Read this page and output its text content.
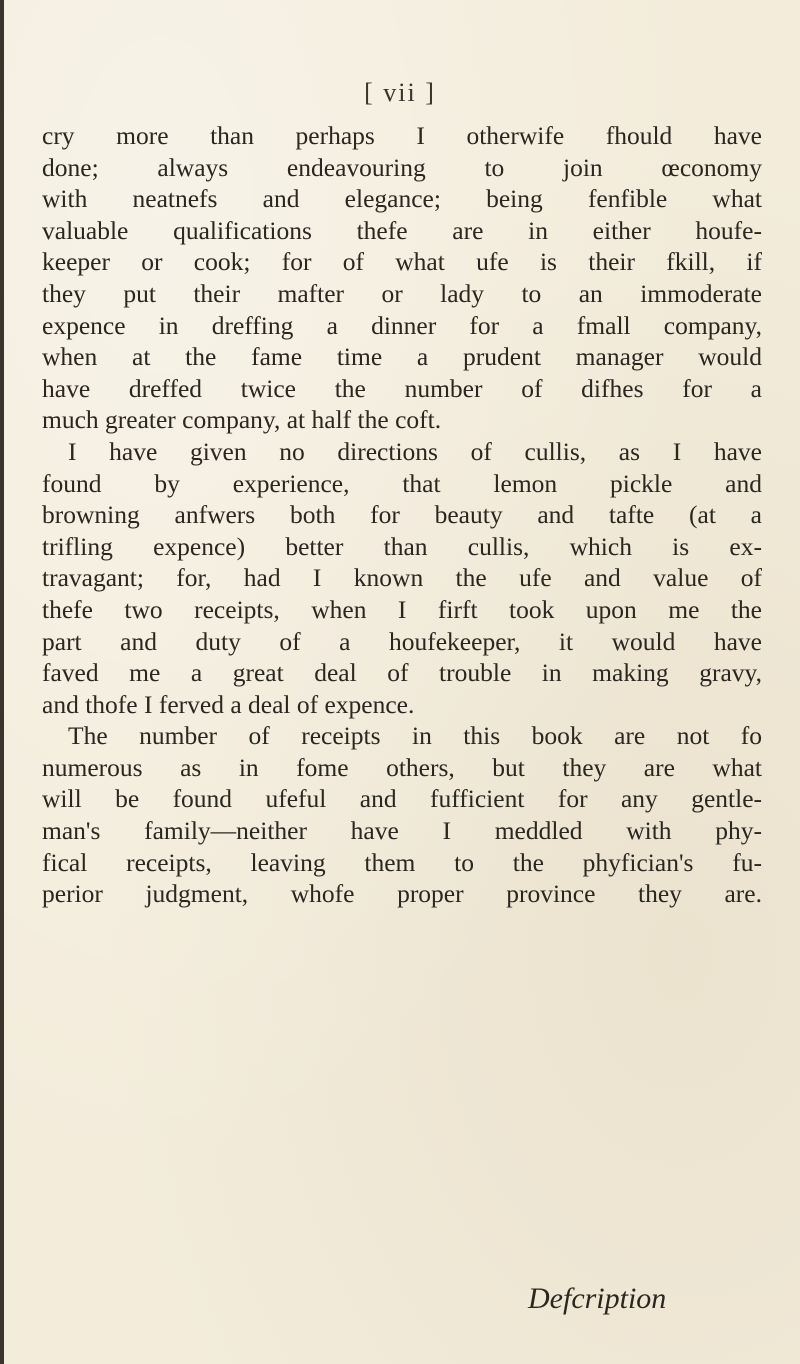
[ vii ]
cry more than perhaps I otherwife fhould have
done; always endeavouring to join œconomy
with neatnefs and elegance; being fenfible what
valuable qualifications thefe are in either houfe-
keeper or cook; for of what ufe is their fkill, if
they put their mafter or lady to an immoderate
expence in dreffing a dinner for a fmall company,
when at the fame time a prudent manager would
have dreffed twice the number of difhes for a
much greater company, at half the coft.
I have given no directions of cullis, as I have
found by experience, that lemon pickle and
browning anfwers both for beauty and tafte (at a
trifling expence) better than cullis, which is ex-
travagant; for, had I known the ufe and value of
thefe two receipts, when I firft took upon me the
part and duty of a houfekeeper, it would have
faved me a great deal of trouble in making gravy,
and thofe I ferved a deal of expence.
The number of receipts in this book are not fo
numerous as in fome others, but they are what
will be found ufeful and fufficient for any gentle-
man's family—neither have I meddled with phy-
fical receipts, leaving them to the phyfician's fu-
perior judgment, whofe proper province they are.
Defcription
